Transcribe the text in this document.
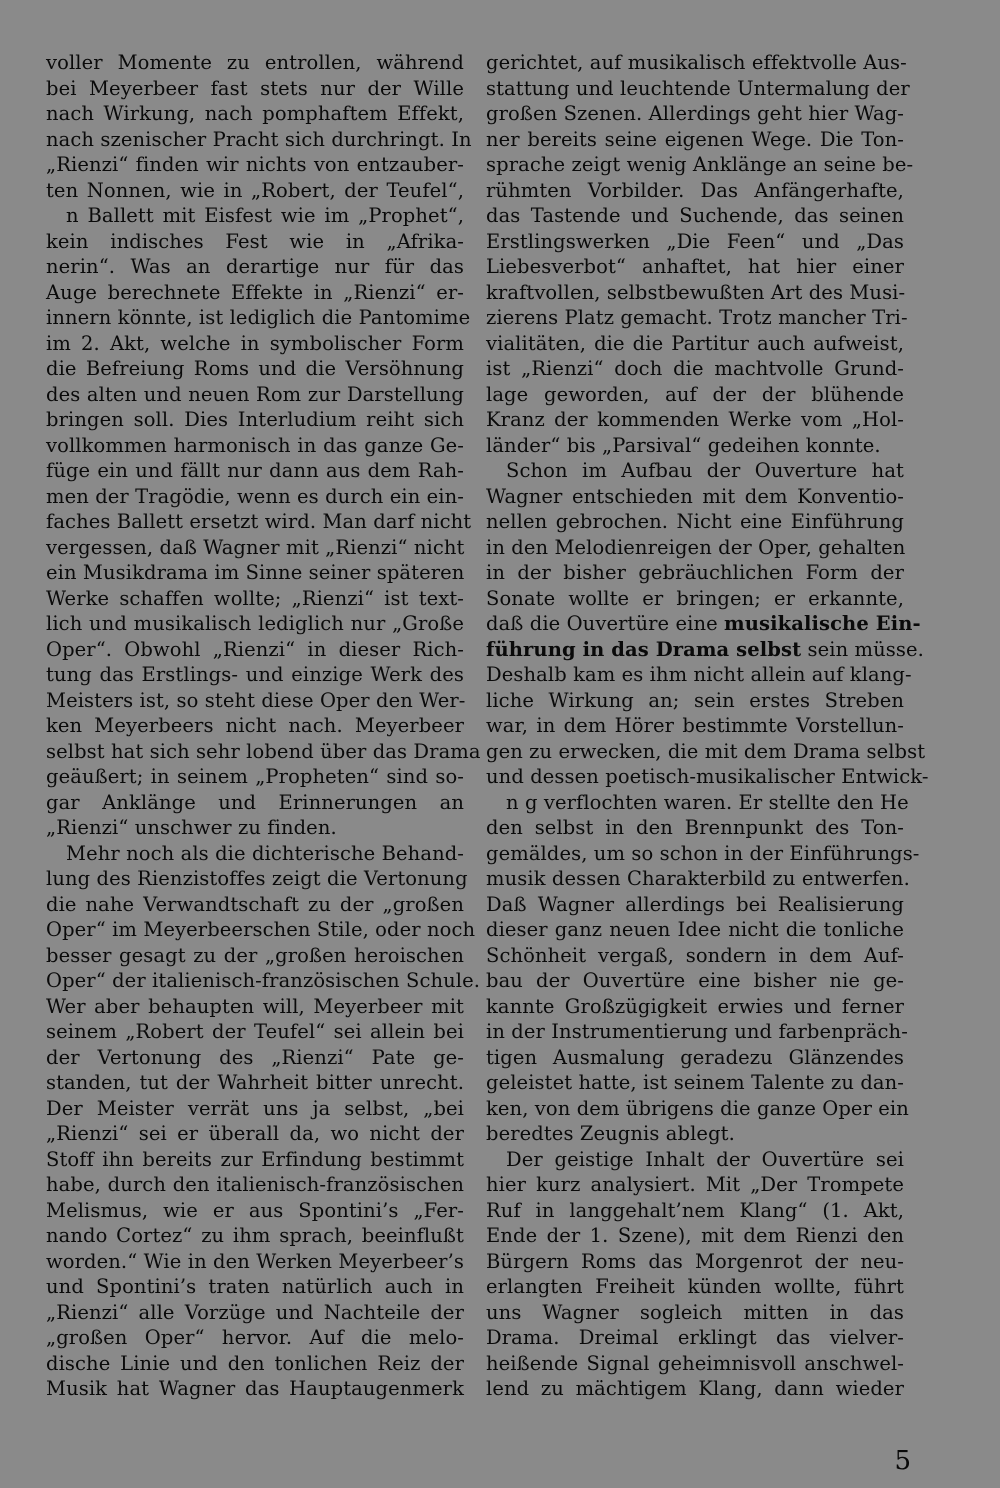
voller Momente zu entrollen, während
bei Meyerbeer fast stets nur der Wille
nach Wirkung, nach pomphaftem Effekt,
nach szenischer Pracht sich durchringt. In
„Rienzi“ finden wir nichts von entzauber-
ten Nonnen, wie in „Robert, der Teufel“,
n Ballett mit Eisfest wie im „Prophet“,
kein indisches Fest wie in „Afrika-
nerin“. Was an derartige nur für das
Auge berechnete Effekte in „Rienzi“ er-
innern könnte, ist lediglich die Pantomime
im 2. Akt, welche in symbolischer Form
die Befreiung Roms und die Versöhnung
des alten und neuen Rom zur Darstellung
bringen soll. Dies Interludium reiht sich
vollkommen harmonisch in das ganze Ge-
füge ein und fällt nur dann aus dem Rah-
men der Tragödie, wenn es durch ein ein-
faches Ballett ersetzt wird. Man darf nicht
vergessen, daß Wagner mit „Rienzi“ nicht
ein Musikdrama im Sinne seiner späteren
Werke schaffen wollte; „Rienzi“ ist text-
lich und musikalisch lediglich nur „Große
Oper“. Obwohl „Rienzi“ in dieser Rich-
tung das Erstlings- und einzige Werk des
Meisters ist, so steht diese Oper den Wer-
ken Meyerbeers nicht nach. Meyerbeer
selbst hat sich sehr lobend über das Drama
geäußert; in seinem „Propheten“ sind so-
gar Anklänge und Erinnerungen an
„Rienzi“ unschwer zu finden.
Mehr noch als die dichterische Behand-
lung des Rienzistoffes zeigt die Vertonung
die nahe Verwandtschaft zu der „großen
Oper“ im Meyerbeerschen Stile, oder noch
besser gesagt zu der „großen heroischen
Oper“ der italienisch-französischen Schule.
Wer aber behaupten will, Meyerbeer mit
seinem „Robert der Teufel“ sei allein bei
der Vertonung des „Rienzi“ Pate ge-
standen, tut der Wahrheit bitter unrecht.
Der Meister verrät uns ja selbst, „bei
„Rienzi“ sei er überall da, wo nicht der
Stoff ihn bereits zur Erfindung bestimmt
habe, durch den italienisch-französischen
Melismus, wie er aus Spontini’s „Fer-
nando Cortez“ zu ihm sprach, beeinflußt
worden.“ Wie in den Werken Meyerbeer’s
und Spontini’s traten natürlich auch in
„Rienzi“ alle Vorzüge und Nachteile der
„großen Oper“ hervor. Auf die melo-
dische Linie und den tonlichen Reiz der
Musik hat Wagner das Hauptaugenmerk
gerichtet, auf musikalisch effektvolle Aus-
stattung und leuchtende Untermalung der
großen Szenen. Allerdings geht hier Wag-
ner bereits seine eigenen Wege. Die Ton-
sprache zeigt wenig Anklänge an seine be-
rühmten Vorbilder. Das Anfängerhafte,
das Tastende und Suchende, das seinen
Erstlingswerken „Die Feen“ und „Das
Liebesverbot“ anhaftet, hat hier einer
kraftvollen, selbstbewußten Art des Musi-
zierens Platz gemacht. Trotz mancher Tri-
vialitäten, die die Partitur auch aufweist,
ist „Rienzi“ doch die machtvolle Grund-
lage geworden, auf der der blühende
Kranz der kommenden Werke vom „Hol-
länder“ bis „Parsival“ gedeihen konnte.
Schon im Aufbau der Ouverture hat
Wagner entschieden mit dem Konventio-
nellen gebrochen. Nicht eine Einführung
in den Melodienreigen der Oper, gehalten
in der bisher gebräuchlichen Form der
Sonate wollte er bringen; er erkannte,
daß die Ouvertüre eine musikalische Ein-
führung in das Drama selbst sein müsse.
Deshalb kam es ihm nicht allein auf klang-
liche Wirkung an; sein erstes Streben
war, in dem Hörer bestimmte Vorstellun-
gen zu erwecken, die mit dem Drama selbst
und dessen poetisch-musikalischer Entwick-
n g verflochten waren. Er stellte den He
den selbst in den Brennpunkt des Ton-
gemäldes, um so schon in der Einführungs-
musik dessen Charakterbild zu entwerfen.
Daß Wagner allerdings bei Realisierung
dieser ganz neuen Idee nicht die tonliche
Schönheit vergaß, sondern in dem Auf-
bau der Ouvertüre eine bisher nie ge-
kannte Großzügigkeit erwies und ferner
in der Instrumentierung und farbenpräch-
tigen Ausmalung geradezu Glänzendes
geleistet hatte, ist seinem Talente zu dan-
ken, von dem übrigens die ganze Oper ein
beredtes Zeugnis ablegt.
Der geistige Inhalt der Ouvertüre sei
hier kurz analysiert. Mit „Der Trompete
Ruf in langgehalt’nem Klang“ (1. Akt,
Ende der 1. Szene), mit dem Rienzi den
Bürgern Roms das Morgenrot der neu-
erlangten Freiheit künden wollte, führt
uns Wagner sogleich mitten in das
Drama. Dreimal erklingt das vielver-
heißende Signal geheimnisvoll anschwel-
lend zu mächtigem Klang, dann wieder
5
